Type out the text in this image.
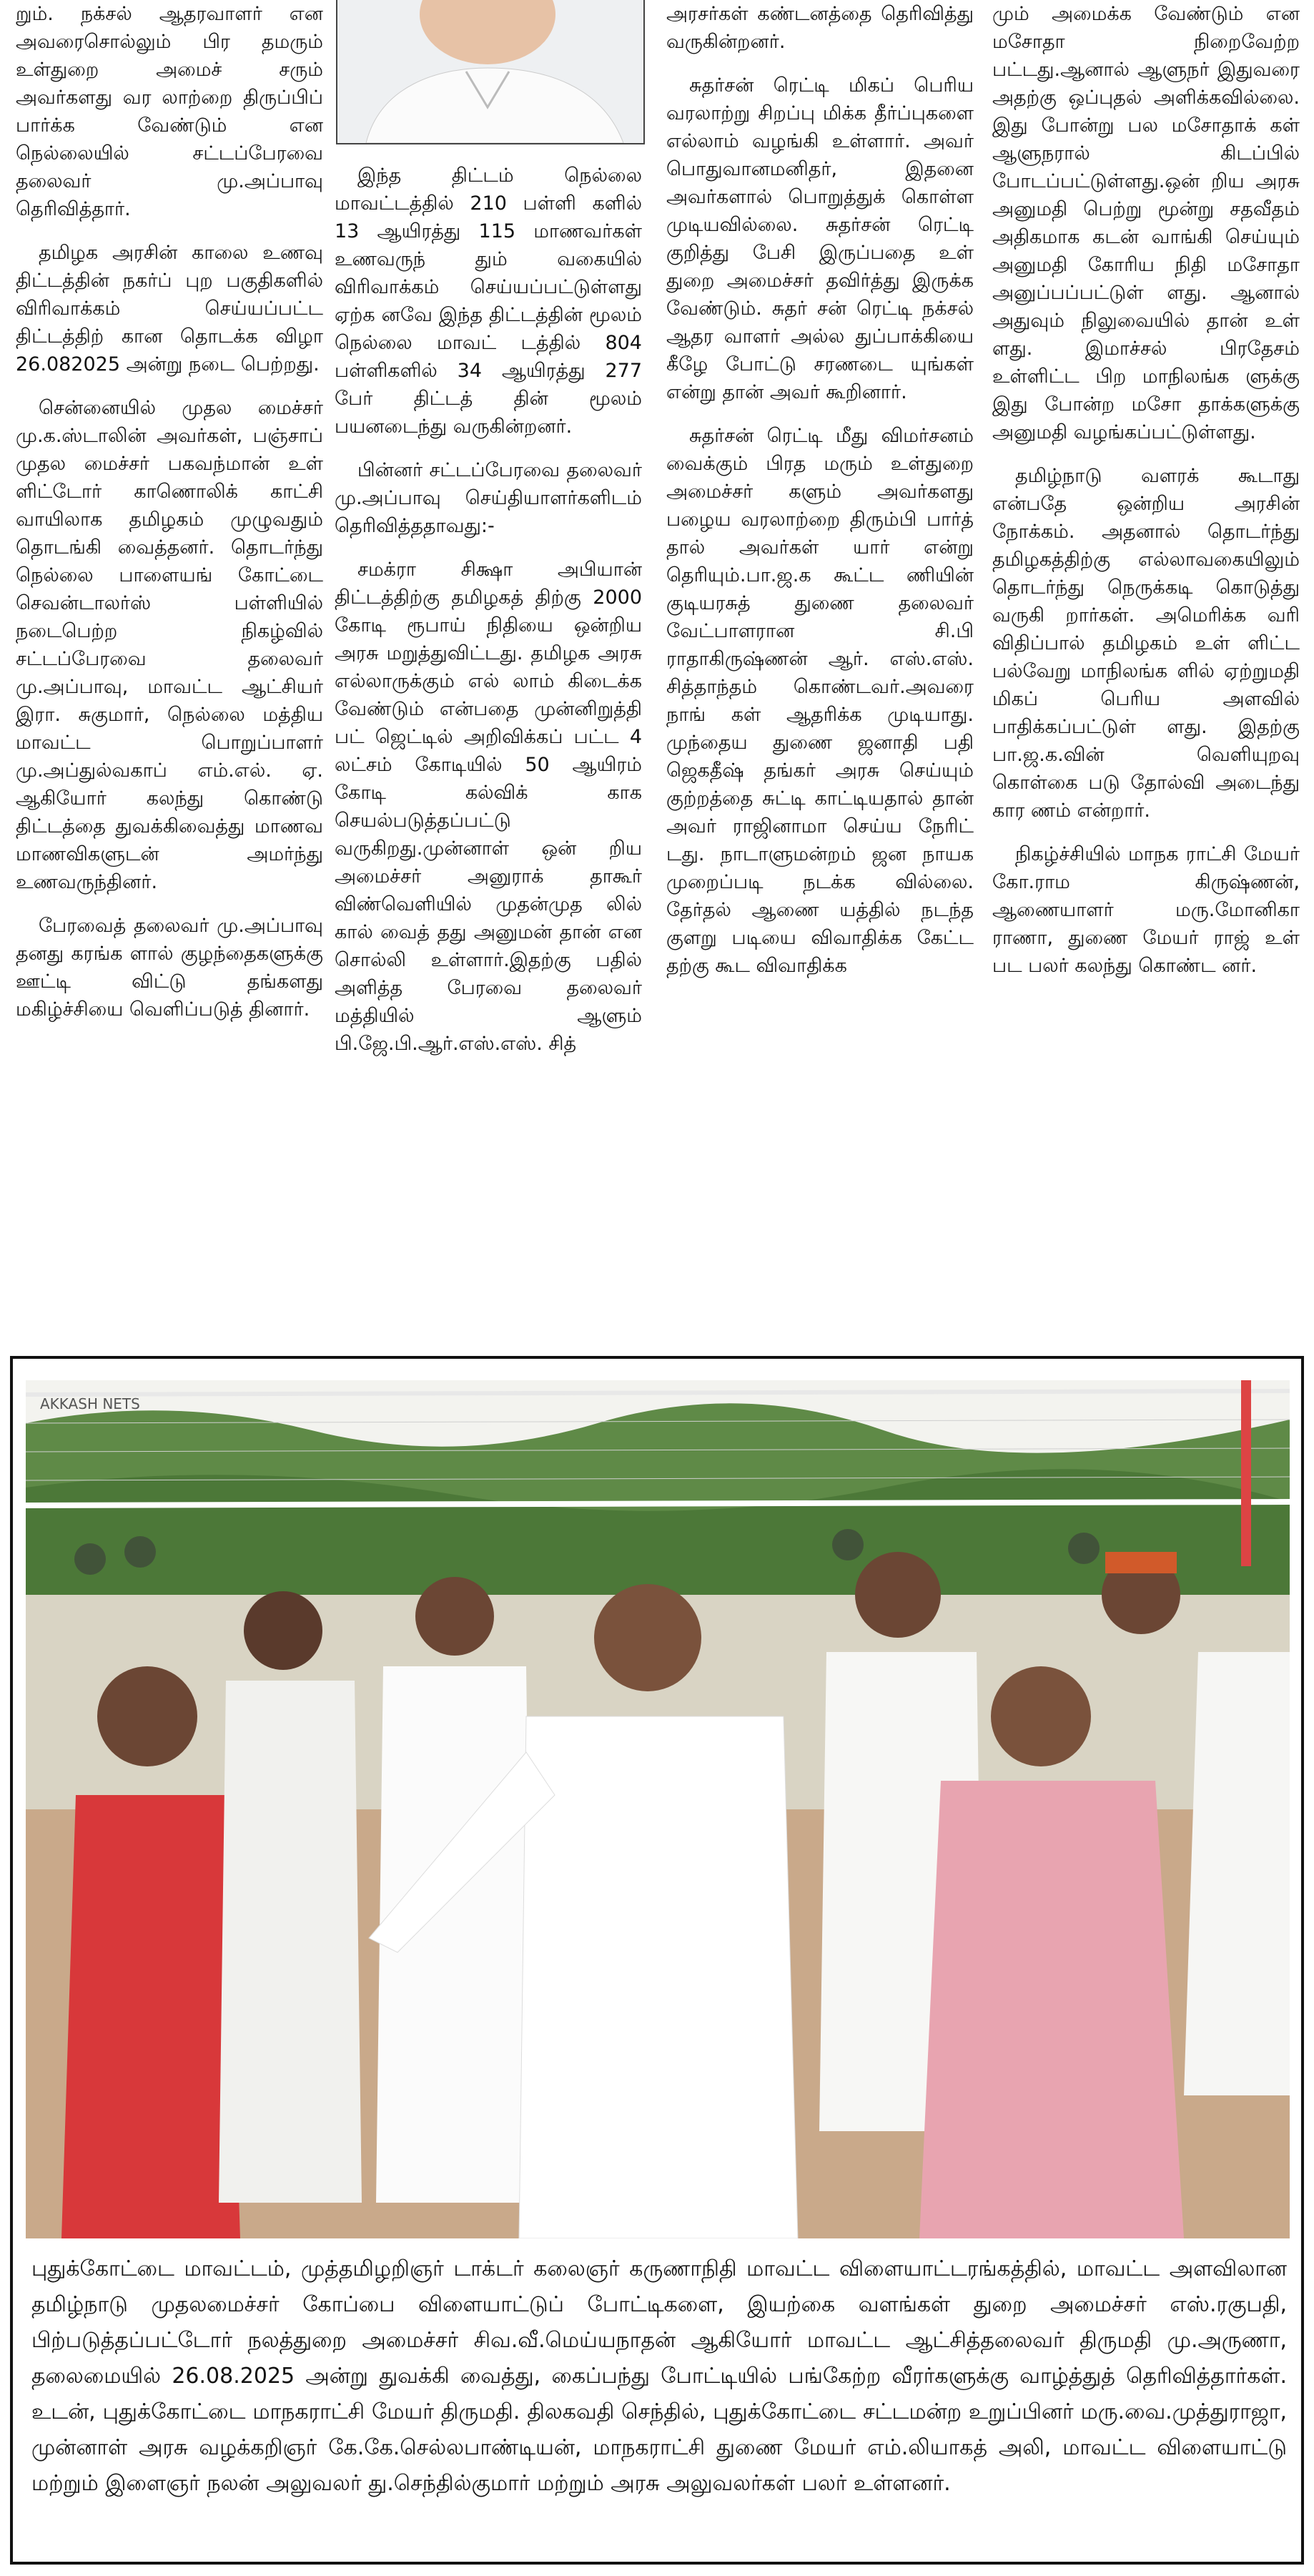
றும். நக்சல் ஆதரவாளர் என அவரைசொல்லும் பிர தமரும் உள்துறை அமைச் சரும் அவர்களது வர லாற்றை திருப்பிப் பார்க்க வேண்டும் என நெல்லையில் சட்டப்பேரவை தலைவர் மு.அப்பாவு தெரிவித்தார்.

தமிழக அரசின் காலை உணவு திட்டத்தின் நகர்ப் புற பகுதிகளில் விரிவாக்கம் செய்யப்பட்ட திட்டத்திற் கான தொடக்க விழா 26.082025 அன்று நடை பெற்றது.

சென்னையில் முதல மைச்சர் மு.க.ஸ்டாலின் அவர்கள், பஞ்சாப் முதல மைச்சர் பகவந்மான் உள் ளிட்டோர் காணொலிக் காட்சி வாயிலாக தமிழகம் முழுவதும் தொடங்கி வைத்தனர். தொடர்ந்து நெல்லை பாளையங் கோட்டை செவன்டாலர்ஸ் பள்ளியில் நடைபெற்ற நிகழ்வில் சட்டப்பேரவை தலைவர் மு.அப்பாவு, மாவட்ட ஆட்சியர் இரா. சுகுமார், நெல்லை மத்திய மாவட்ட பொறுப்பாளர் மு.அப்துல்வகாப் எம்.எல். ஏ. ஆகியோர் கலந்து கொண்டு திட்டத்தை துவக்கிவைத்து மாணவ மாணவிகளுடன் அமர்ந்து உணவருந்தினர்.

பேரவைத் தலைவர் மு.அப்பாவு தனது கரங்க ளால் குழந்தைகளுக்கு ஊட்டி விட்டு தங்களது மகிழ்ச்சியை வெளிப்படுத் தினார்.

இந்த திட்டம் நெல்லை மாவட்டத்தில் 210 பள்ளி களில் 13 ஆயிரத்து 115 மாணவர்கள் உணவருந் தும் வகையில் விரிவாக்கம் செய்யப்பட்டுள்ளது ஏற்க னவே இந்த திட்டத்தின் மூலம் நெல்லை மாவட் டத்தில் 804 பள்ளிகளில் 34 ஆயிரத்து 277 பேர் திட்டத் தின் மூலம் பயனடைந்து வருகின்றனர்.

பின்னர் சட்டப்பேரவை தலைவர் மு.அப்பாவு செய்தியாளர்களிடம் தெரிவித்ததாவது:-

சமக்ரா சிக்ஷா அபியான் திட்டத்திற்கு தமிழகத் திற்கு 2000 கோடி ரூபாய் நிதியை ஒன்றிய அரசு மறுத்துவிட்டது. தமிழக அரசு எல்லாருக்கும் எல் லாம் கிடைக்க வேண்டும் என்பதை முன்னிறுத்தி பட் ஜெட்டில் அறிவிக்கப் பட்ட 4 லட்சம் கோடியில் 50 ஆயிரம் கோடி கல்விக் காக செயல்படுத்தப்பட்டு வருகிறது.முன்னாள் ஒன் றிய அமைச்சர் அனுராக் தாகூர் விண்வெளியில் முதன்முத லில் கால் வைத் தது அனுமன் தான் என சொல்லி உள்ளார்.இதற்கு பதில் அளித்த பேரவை தலைவர் மத்தியில் ஆளும் பி.ஜே.பி.ஆர்.எஸ்.எஸ். சித்

அரசர்கள் கண்டனத்தை தெரிவித்து வருகின்றனர்.

சுதர்சன் ரெட்டி மிகப் பெரிய வரலாற்று சிறப்பு மிக்க தீர்ப்புகளை எல்லாம் வழங்கி உள்ளார். அவர் பொதுவானமனிதர், இதனை அவர்களால் பொறுத்துக் கொள்ள முடியவில்லை. சுதர்சன் ரெட்டி குறித்து பேசி இருப்பதை உள் துறை அமைச்சர் தவிர்த்து இருக்க வேண்டும். சுதர் சன் ரெட்டி நக்சல் ஆதர வாளர் அல்ல துப்பாக்கியை கீழே போட்டு சரணடை யுங்கள் என்று தான் அவர் கூறினார்.

சுதர்சன் ரெட்டி மீது விமர்சனம் வைக்கும் பிரத மரும் உள்துறை அமைச்சர் களும் அவர்களது பழைய வரலாற்றை திரும்பி பார்த் தால் அவர்கள் யார் என்று தெரியும்.பா.ஜ.க கூட்ட ணியின் குடியரசுத் துணை தலைவர் வேட்பாளரான சி.பி ராதாகிருஷ்ணன் ஆர். எஸ்.எஸ். சித்தாந்தம் கொண்டவர்.அவரை நாங் கள் ஆதரிக்க முடியாது. முந்தைய துணை ஜனாதி பதி ஜெகதீஷ் தங்கர் அரசு செய்யும் குற்றத்தை சுட்டி காட்டியதால் தான் அவர் ராஜினாமா செய்ய நேரிட் டது. நாடாளுமன்றம் ஜன நாயக முறைப்படி நடக்க வில்லை. தேர்தல் ஆணை யத்தில் நடந்த குளறு படியை விவாதிக்க கேட்ட தற்கு கூட விவாதிக்க

மும் அமைக்க வேண்டும் என மசோதா நிறைவேற்ற பட்டது.ஆனால் ஆளுநர் இதுவரை அதற்கு ஒப்புதல் அளிக்கவில்லை. இது போன்று பல மசோதாக் கள் ஆளுநரால் கிடப்பில் போடப்பட்டுள்ளது.ஒன் றிய அரசு அனுமதி பெற்று மூன்று சதவீதம் அதிகமாக கடன் வாங்கி செய்யும் அனுமதி கோரிய நிதி மசோதா அனுப்பப்பட்டுள் ளது. ஆனால் அதுவும் நிலுவையில் தான் உள் ளது. இமாச்சல் பிரதேசம் உள்ளிட்ட பிற மாநிலங்க ளுக்கு இது போன்ற மசோ தாக்களுக்கு அனுமதி வழங்கப்பட்டுள்ளது.

தமிழ்நாடு வளரக் கூடாது என்பதே ஒன்றிய அரசின் நோக்கம். அதனால் தொடர்ந்து தமிழகத்திற்கு எல்லாவகையிலும் தொடர்ந்து நெருக்கடி கொடுத்து வருகி றார்கள். அமெரிக்க வரி விதிப்பால் தமிழகம் உள் ளிட்ட பல்வேறு மாநிலங்க ளில் ஏற்றுமதி மிகப் பெரிய அளவில் பாதிக்கப்பட்டுள் ளது. இதற்கு பா.ஜ.க.வின் வெளியுறவு கொள்கை படு தோல்வி அடைந்து கார ணம் என்றார்.

நிகழ்ச்சியில் மாநக ராட்சி மேயர் கோ.ராம கிருஷ்ணன், ஆணையாளர் மரு.மோனிகா ராணா, துணை மேயர் ராஜ் உள் பட பலர் கலந்து கொண்ட னர்.

AKKASH NETS
புதுக்கோட்டை மாவட்டம், முத்தமிழறிஞர் டாக்டர் கலைஞர் கருணாநிதி மாவட்ட விளையாட்டரங்கத்தில், மாவட்ட அளவிலான தமிழ்நாடு முதலமைச்சர் கோப்பை விளையாட்டுப் போட்டிகளை, இயற்கை வளங்கள் துறை அமைச்சர் எஸ்.ரகுபதி, பிற்படுத்தப்பட்டோர் நலத்துறை அமைச்சர் சிவ.வீ.மெய்யநாதன் ஆகியோர் மாவட்ட ஆட்சித்தலைவர் திருமதி மு.அருணா, தலைமையில் 26.08.2025 அன்று துவக்கி வைத்து, கைப்பந்து போட்டியில் பங்கேற்ற வீரர்களுக்கு வாழ்த்துத் தெரிவித்தார்கள். உடன், புதுக்கோட்டை மாநகராட்சி மேயர் திருமதி. திலகவதி செந்தில், புதுக்கோட்டை சட்டமன்ற உறுப்பினர் மரு.வை.முத்துராஜா, முன்னாள் அரசு வழக்கறிஞர் கே.கே.செல்லபாண்டியன், மாநகராட்சி துணை மேயர் எம்.லியாகத் அலி, மாவட்ட விளையாட்டு மற்றும் இளைஞர் நலன் அலுவலர் து.செந்தில்குமார் மற்றும் அரசு அலுவலர்கள் பலர் உள்ளனர்.
